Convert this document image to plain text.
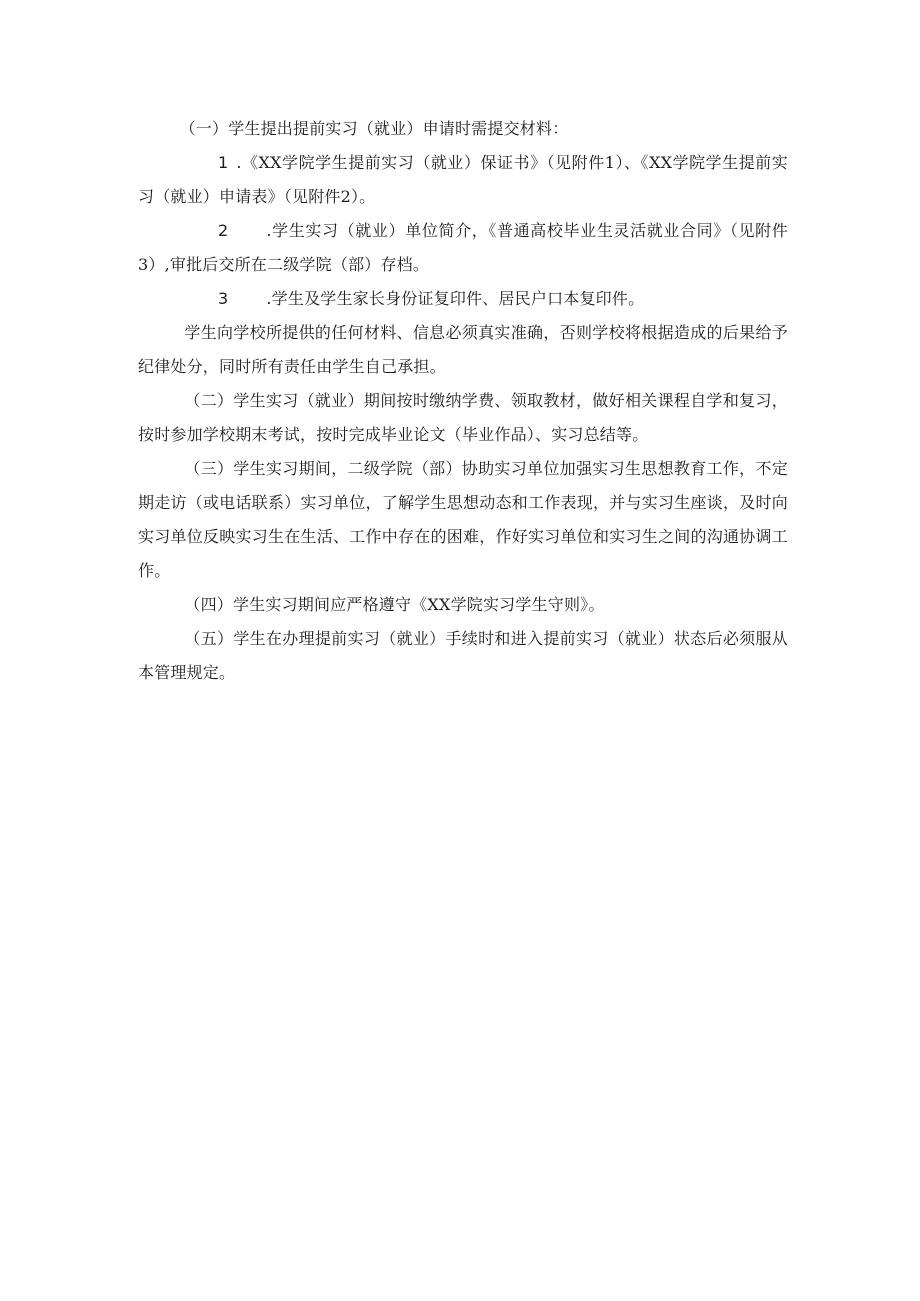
（一）学生提出提前实习（就业）申请时需提交材料：

1 .《XX学院学生提前实习（就业）保证书》（见附件1）、《XX学院学生提前实习（就业）申请表》（见附件2）。

2 .学生实习（就业）单位简介，《普通高校毕业生灵活就业合同》（见附件3）,审批后交所在二级学院（部）存档。

3 .学生及学生家长身份证复印件、居民户口本复印件。

学生向学校所提供的任何材料、信息必须真实准确，否则学校将根据造成的后果给予纪律处分，同时所有责任由学生自己承担。

（二）学生实习（就业）期间按时缴纳学费、领取教材，做好相关课程自学和复习，按时参加学校期末考试，按时完成毕业论文（毕业作品）、实习总结等。

（三）学生实习期间，二级学院（部）协助实习单位加强实习生思想教育工作，不定期走访（或电话联系）实习单位，了解学生思想动态和工作表现，并与实习生座谈，及时向实习单位反映实习生在生活、工作中存在的困难，作好实习单位和实习生之间的沟通协调工作。

（四）学生实习期间应严格遵守《XX学院实习学生守则》。

（五）学生在办理提前实习（就业）手续时和进入提前实习（就业）状态后必须服从本管理规定。
